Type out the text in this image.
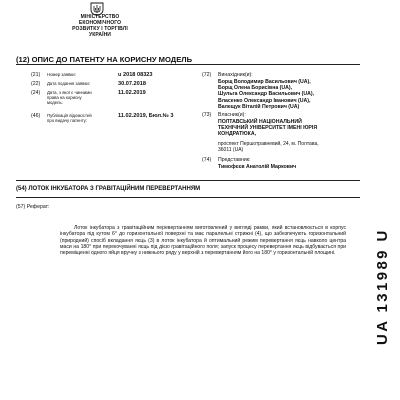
МІНІСТЕРСТВО
ЕКОНОМІЧНОГО
РОЗВИТКУ І ТОРГІВЛІ
УКРАЇНИ
(12) ОПИС ДО ПАТЕНТУ НА КОРИСНУ МОДЕЛЬ
(21)	Номер заявки:	u 2018 08323
(22)	Дата подання заявки:	30.07.2018
(24)	Дата, з якої є чинними права на корисну модель:
11.02.2019
(46)	Публікація відомостей про видачу патенту:
11.02.2019, Бюл.№ 3
(72) Винахідник(и):
Борщ Володимир Васильович (UA),
Борщ Олена Борисівна (UA),
Шульга Олександр Васильович (UA),
Власенко Олександр Іванович (UA),
Валещук Віталій Петрович (UA)
(73) Власник(и):
ПОЛТАВСЬКИЙ НАЦІОНАЛЬНИЙ
ТЕХНІЧНИЙ УНІВЕРСИТЕТ ІМЕНІ ЮРІЯ
КОНДРАТЮКА,
проспект Першотравневий, 24, м. Полтава,
36011 (UA)
(74) Представник:
Тимофєєв Анатолій Маркович
(54) ЛОТОК ІНКУБАТОРА З ГРАВІТАЦІЙНИМ ПЕРЕВЕРТАННЯМ
(57) Реферат:
Лоток інкубатора з гравітаційним перевертанням виготовлений у вигляді рамки, який встановлюється в корпус інкубатора під кутом 6° до горизонтальної поверхні та має паралельні стрижні (4), що забезпечують горизонтальний (природний) спосіб вкладання яєць (3) в лоток інкубатора й оптимальний режим перевертання яєць навколо центра маси на 180° при перекочуванні яєць під дією гравітаційного поля; запуск процесу перевертання яєць відбувається при перемiщенні одного яйця вручну з нижнього ряду у верхній з перевертанням його на 180° у горизонтальній площині.	UA 131989 U
